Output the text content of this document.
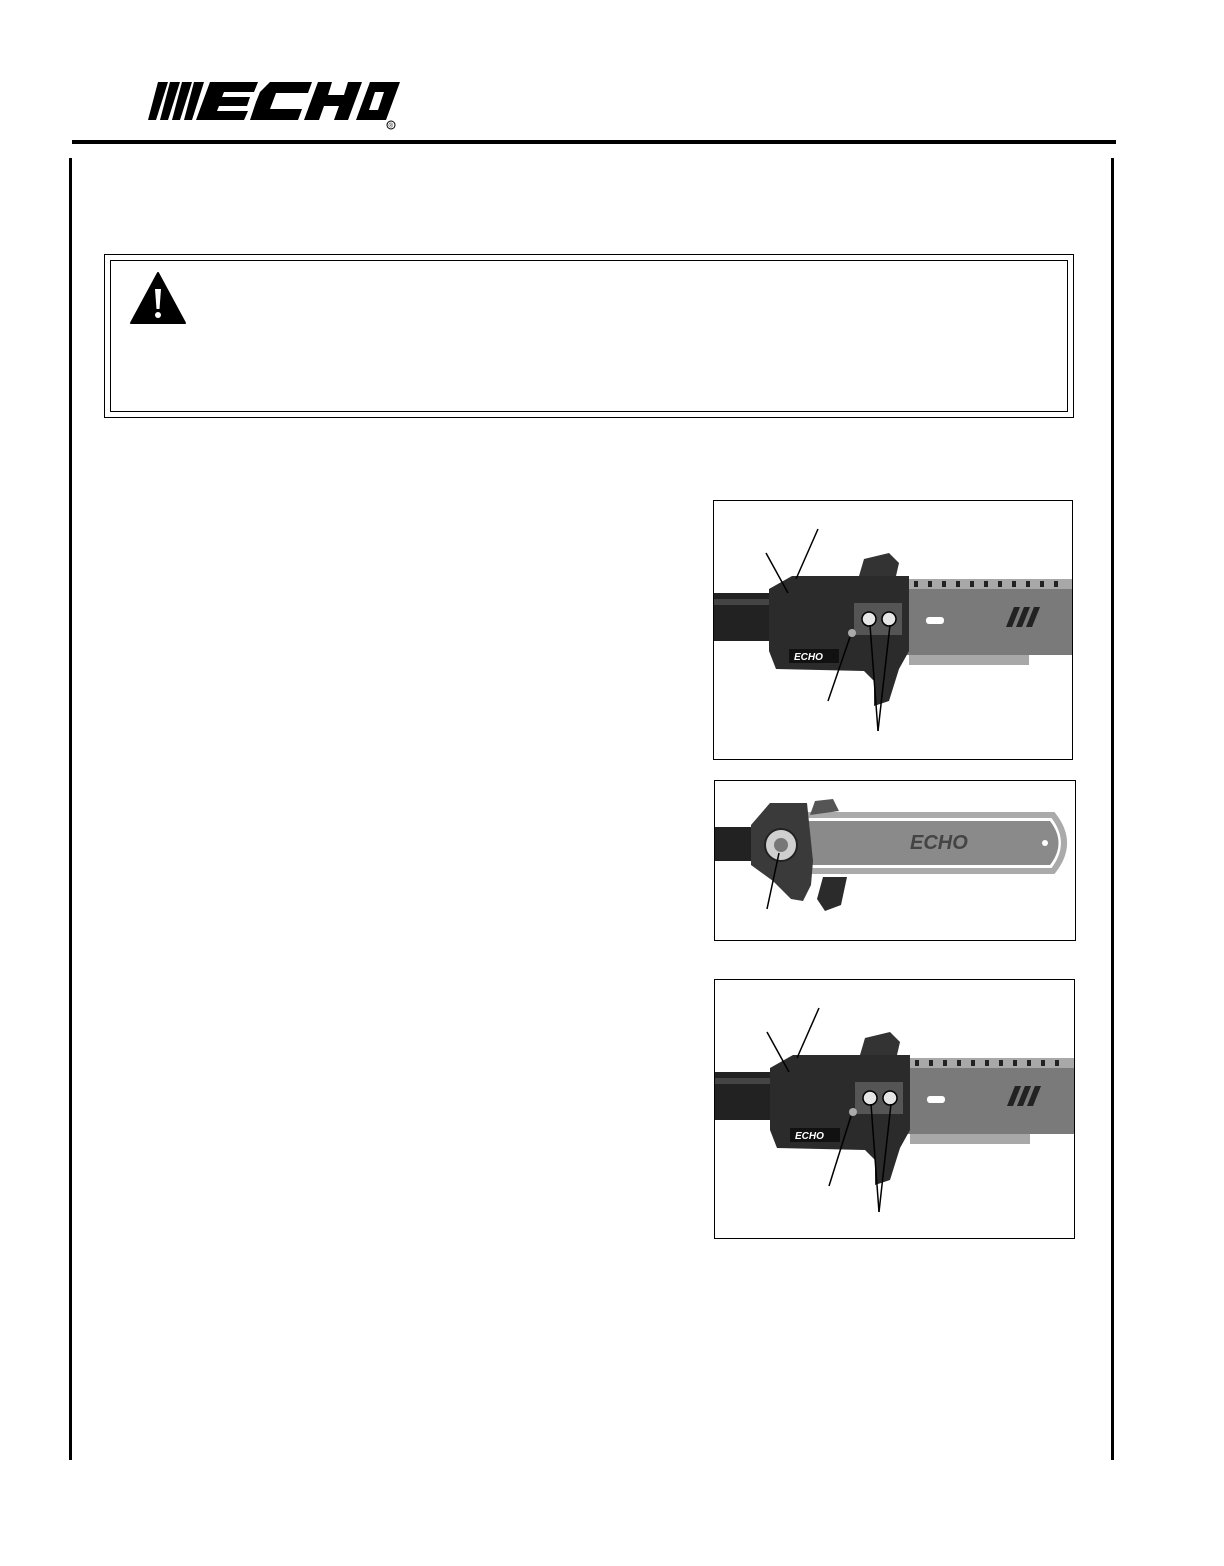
®
ECHO
ECHO
ECHO
